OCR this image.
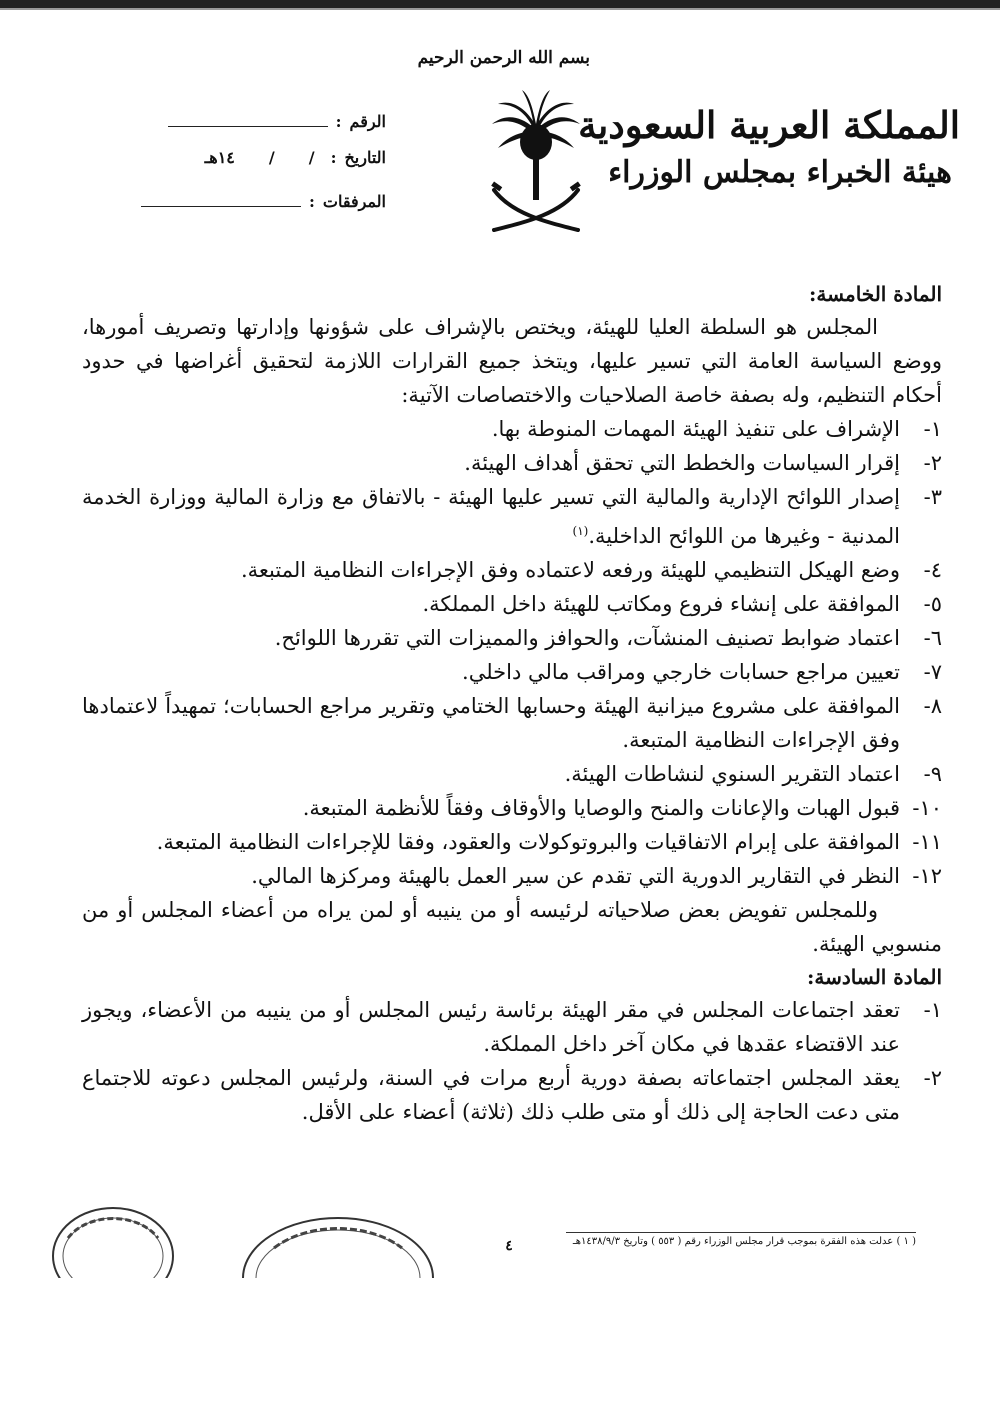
بسم الله الرحمن الرحيم
المملكة العربية السعودية
هيئة الخبراء بمجلس الوزراء
الرقم
:
التاريخ
:
/
/
١٤هـ
المرفقات
:

المادة الخامسة:

المجلس هو السلطة العليا للهيئة، ويختص بالإشراف على شؤونها وإدارتها وتصريف أمورها، ووضع السياسة العامة التي تسير عليها، ويتخذ جميع القرارات اللازمة لتحقيق أغراضها في حدود أحكام التنظيم، وله بصفة خاصة الصلاحيات والاختصاصات الآتية:

١-
الإشراف على تنفيذ الهيئة المهمات المنوطة بها.
٢-
إقرار السياسات والخطط التي تحقق أهداف الهيئة.
٣-
إصدار اللوائح الإدارية والمالية التي تسير عليها الهيئة - بالاتفاق مع وزارة المالية ووزارة الخدمة المدنية - وغيرها من اللوائح الداخلية.$^{(١)}$
٤-
وضع الهيكل التنظيمي للهيئة ورفعه لاعتماده وفق الإجراءات النظامية المتبعة.
٥-
الموافقة على إنشاء فروع ومكاتب للهيئة داخل المملكة.
٦-
اعتماد ضوابط تصنيف المنشآت، والحوافز والمميزات التي تقررها اللوائح.
٧-
تعيين مراجع حسابات خارجي ومراقب مالي داخلي.
٨-
الموافقة على مشروع ميزانية الهيئة وحسابها الختامي وتقرير مراجع الحسابات؛ تمهيداً لاعتمادها وفق الإجراءات النظامية المتبعة.
٩-
اعتماد التقرير السنوي لنشاطات الهيئة.
١٠-
قبول الهبات والإعانات والمنح والوصايا والأوقاف وفقاً للأنظمة المتبعة.
١١-
الموافقة على إبرام الاتفاقيات والبروتوكولات والعقود، وفقا للإجراءات النظامية المتبعة.
١٢-
النظر في التقارير الدورية التي تقدم عن سير العمل بالهيئة ومركزها المالي.

وللمجلس تفويض بعض صلاحياته لرئيسه أو من ينيبه أو لمن يراه من أعضاء المجلس أو من منسوبي الهيئة.

المادة السادسة:

١-
تعقد اجتماعات المجلس في مقر الهيئة برئاسة رئيس المجلس أو من ينيبه من الأعضاء، ويجوز عند الاقتضاء عقدها في مكان آخر داخل المملكة.
٢-
يعقد المجلس اجتماعاته بصفة دورية أربع مرات في السنة، ولرئيس المجلس دعوته للاجتماع متى دعت الحاجة إلى ذلك أو متى طلب ذلك (ثلاثة) أعضاء على الأقل.
( ١ ) عدلت هذه الفقرة بموجب قرار مجلس الوزراء رقم ( ٥٥٣ ) وتاريخ ١٤٣٨/٩/٣هـ
٤
